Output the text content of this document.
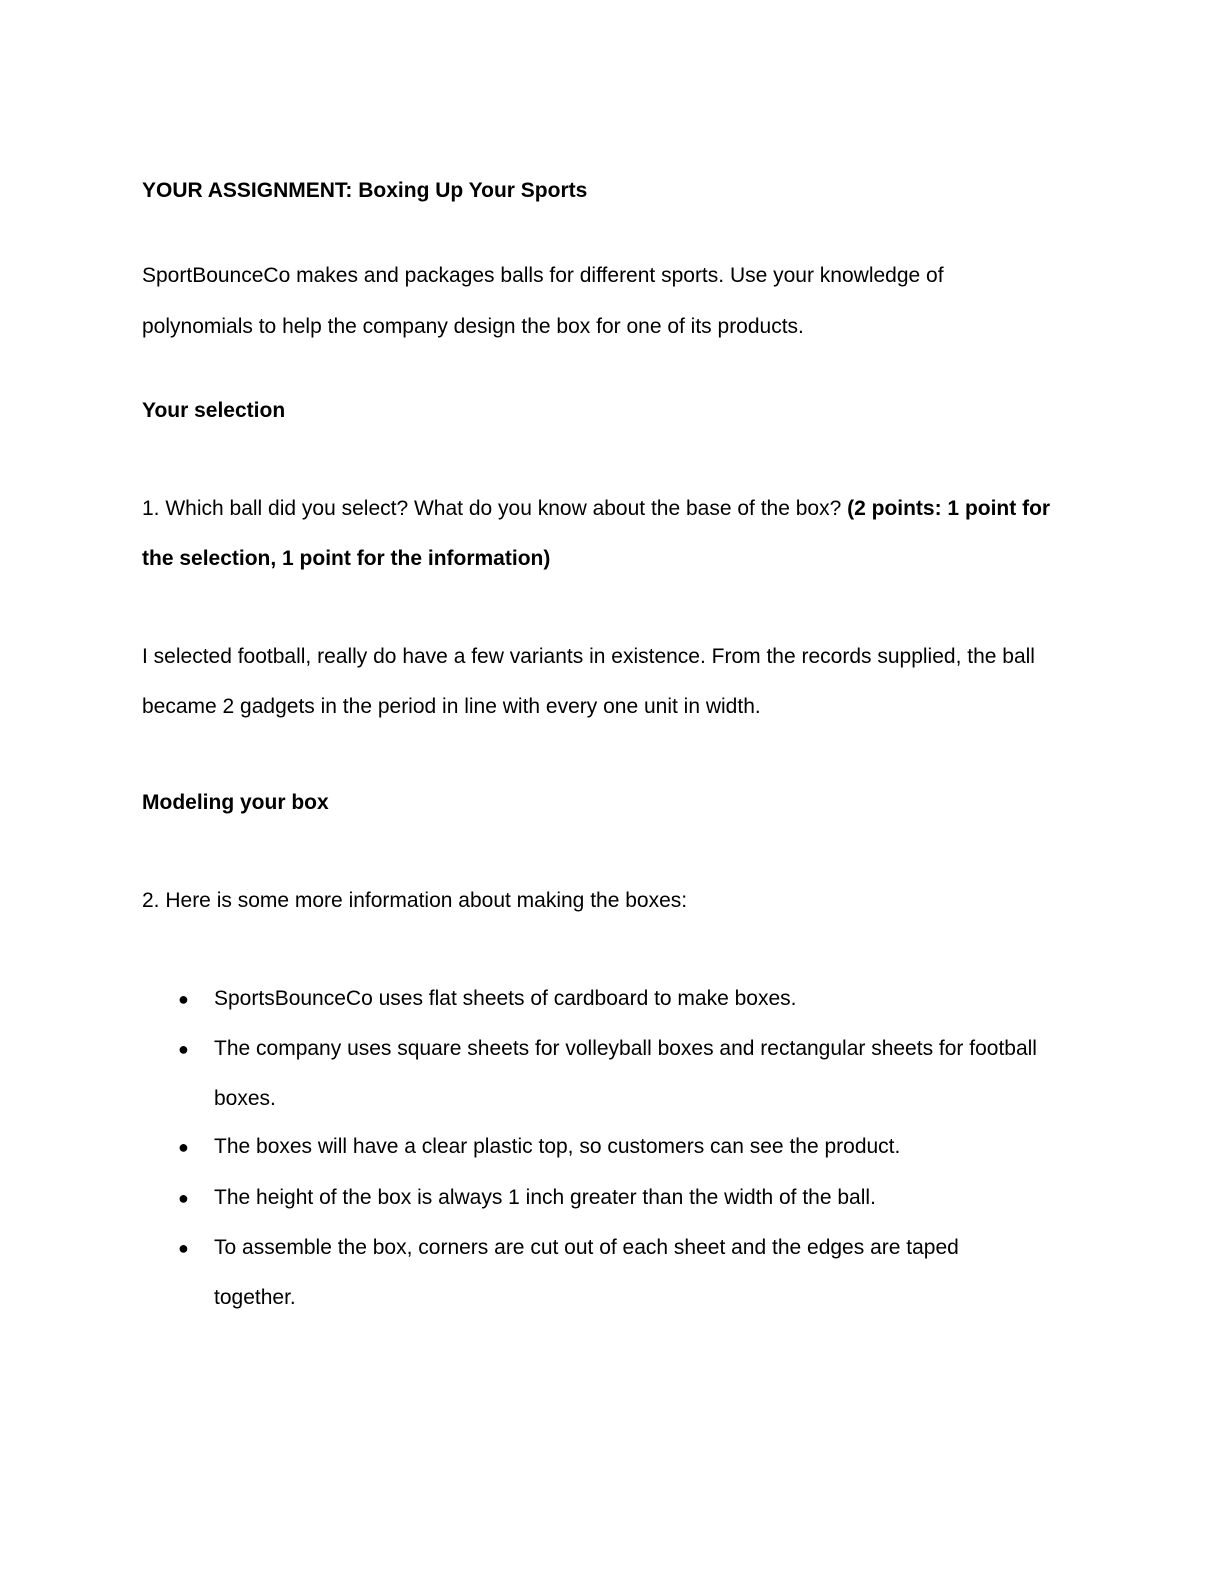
YOUR ASSIGNMENT: Boxing Up Your Sports
SportBounceCo makes and packages balls for different sports. Use your knowledge of
polynomials to help the company design the box for one of its products.
Your selection
1. Which ball did you select? What do you know about the base of the box? (2 points: 1 point for
the selection, 1 point for the information)
I selected football, really do have a few variants in existence. From the records supplied, the ball
became 2 gadgets in the period in line with every one unit in width.
Modeling your box
2. Here is some more information about making the boxes:
● SportsBounceCo uses flat sheets of cardboard to make boxes.
● The company uses square sheets for volleyball boxes and rectangular sheets for football
boxes.
● The boxes will have a clear plastic top, so customers can see the product.
● The height of the box is always 1 inch greater than the width of the ball.
● To assemble the box, corners are cut out of each sheet and the edges are taped
together.
